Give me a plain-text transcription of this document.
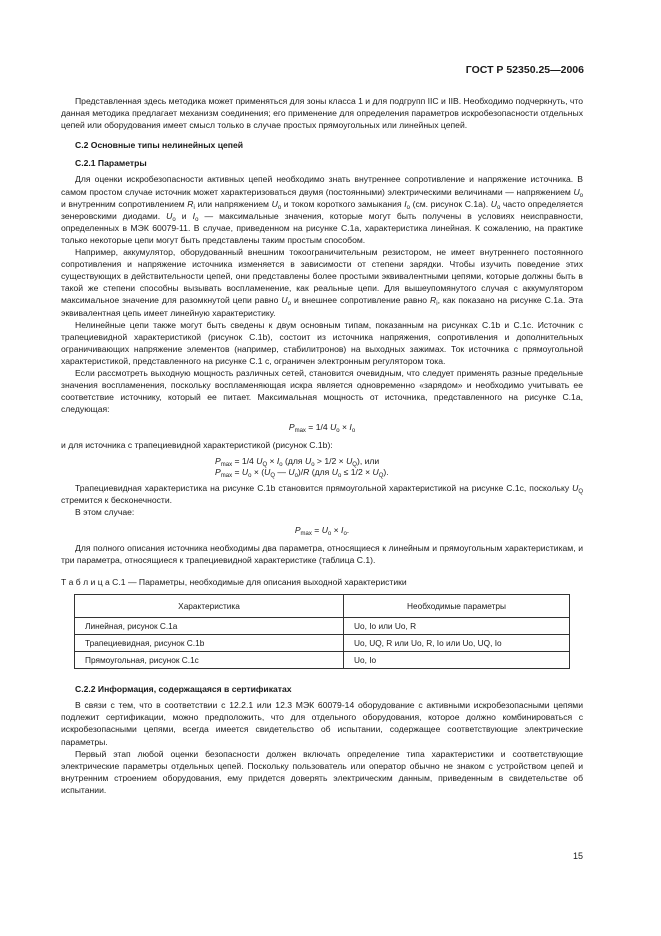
ГОСТ Р 52350.25—2006

Представленная здесь методика может применяться для зоны класса 1 и для подгрупп IIC и IIB. Необходимо подчеркнуть, что данная методика предлагает механизм соединения; его применение для определения параметров искробезопасности отдельных цепей или оборудования имеет смысл только в случае простых прямоугольных или линейных цепей.

С.2 Основные типы нелинейных цепей
С.2.1 Параметры

Для оценки искробезопасности активных цепей необходимо знать внутреннее сопротивление и напряжение источника. В самом простом случае источник может характеризоваться двумя (постоянными) электрическими величинами — напряжением $U_о$ и внутренним сопротивлением $R_i$ или напряжением $U_о$ и током короткого замыкания $I_о$ (см. рисунок С.1а). $U_о$ часто определяется зенеровскими диодами. $U_о$ и $I_о$ — максимальные значения, которые могут быть получены в условиях неисправности, определенных в МЭК 60079-11. В случае, приведенном на рисунке С.1а, характеристика линейная. К сожалению, на практике только некоторые цепи могут быть представлены таким простым способом.

Например, аккумулятор, оборудованный внешним токоограничительным резистором, не имеет внутреннего постоянного сопротивления и напряжение источника изменяется в зависимости от степени зарядки. Чтобы изучить поведение этих существующих в действительности цепей, они представлены более простыми эквивалентными цепями, которые должны быть в такой же степени способны вызывать воспламенение, как реальные цепи. Для вышеупомянутого случая с аккумулятором максимальное значение для разомкнутой цепи равно $U_о$ и внешнее сопротивление равно $R_i$, как показано на рисунке С.1а. Эта эквивалентная цепь имеет линейную характеристику.

Нелинейные цепи также могут быть сведены к двум основным типам, показанным на рисунках С.1b и С.1с. Источник с трапециевидной характеристикой (рисунок С.1b), состоит из источника напряжения, сопротивления и дополнительных ограничивающих напряжение элементов (например, стабилитронов) на выходных зажимах. Ток источника с прямоугольной характеристикой, представленного на рисунке С.1 с, ограничен электронным регулятором тока.

Если рассмотреть выходную мощность различных сетей, становится очевидным, что следует применять разные предельные значения воспламенения, поскольку воспламеняющая искра является одновременно «зарядом» и необходимо учитывать ее соответствие источнику, который ее питает. Максимальная мощность от источника, представленного на рисунке С.1а, следующая:

$P_{max} = 1/4$ $U_о \times I_о$
и для источника с трапециевидной характеристикой (рисунок С.1b):
$P_{max} = 1/4$ $U_Q \times I_о$ (для $U_о > 1/2 \times U_Q$), или
$P_{max} = U_о \times (U_Q$ — $U_о)/R$ (для $U_о \le 1/2 \times U_Q$).

Трапециевидная характеристика на рисунке С.1b становится прямоугольной характеристикой на рисунке С.1с, поскольку $U_Q$ стремится к бесконечности.

В этом случае:

$P_{max} = U_о \times I_о$.

Для полного описания источника необходимы два параметра, относящиеся к линейным и прямоугольным характеристикам, и три параметра, относящиеся к трапециевидной характеристике (таблица С.1).

Т а б л и ц а С.1 — Параметры, необходимые для описания выходной характеристики
Характеристика	Необходимые параметры
Линейная, рисунок С.1а	Uо, Iо или Uо, R
Трапециевидная, рисунок С.1b	Uо, UQ, R или Uо, R, Iо или Uо, UQ, Iо
Прямоугольная, рисунок С.1с	Uо, Iо
С.2.2 Информация, содержащаяся в сертификатах

В связи с тем, что в соответствии с 12.2.1 или 12.3 МЭК 60079-14 оборудование с активными искробезопасными цепями подлежит сертификации, можно предположить, что для отдельного оборудования, которое должно комбинироваться с искробезопасными цепями, всегда имеется свидетельство об испытании, содержащее соответствующие электрические параметры.

Первый этап любой оценки безопасности должен включать определение типа характеристики и соответствующие электрические параметры отдельных цепей. Поскольку пользователь или оператор обычно не знаком с устройством цепей и внутренним строением оборудования, ему придется доверять электрическим данным, приведенным в свидетельстве об испытании.

15
